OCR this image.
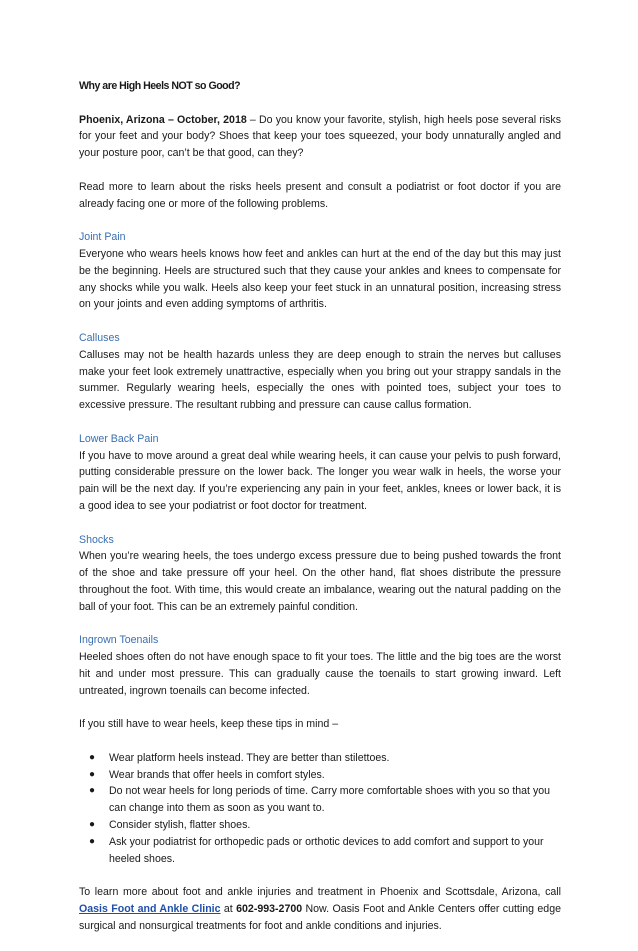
Why are High Heels NOT so Good?

Phoenix, Arizona – October, 2018 – Do you know your favorite, stylish, high heels pose several risks for your feet and your body? Shoes that keep your toes squeezed, your body unnaturally angled and your posture poor, can’t be that good, can they?

Read more to learn about the risks heels present and consult a podiatrist or foot doctor if you are already facing one or more of the following problems.

Joint Pain

Everyone who wears heels knows how feet and ankles can hurt at the end of the day but this may just be the beginning. Heels are structured such that they cause your ankles and knees to compensate for any shocks while you walk. Heels also keep your feet stuck in an unnatural position, increasing stress on your joints and even adding symptoms of arthritis.

Calluses

Calluses may not be health hazards unless they are deep enough to strain the nerves but calluses make your feet look extremely unattractive, especially when you bring out your strappy sandals in the summer. Regularly wearing heels, especially the ones with pointed toes, subject your toes to excessive pressure. The resultant rubbing and pressure can cause callus formation.

Lower Back Pain

If you have to move around a great deal while wearing heels, it can cause your pelvis to push forward, putting considerable pressure on the lower back. The longer you wear walk in heels, the worse your pain will be the next day. If you’re experiencing any pain in your feet, ankles, knees or lower back, it is a good idea to see your podiatrist or foot doctor for treatment.

Shocks

When you’re wearing heels, the toes undergo excess pressure due to being pushed towards the front of the shoe and take pressure off your heel. On the other hand, flat shoes distribute the pressure throughout the foot. With time, this would create an imbalance, wearing out the natural padding on the ball of your foot. This can be an extremely painful condition.

Ingrown Toenails

Heeled shoes often do not have enough space to fit your toes. The little and the big toes are the worst hit and under most pressure. This can gradually cause the toenails to start growing inward. Left untreated, ingrown toenails can become infected.

If you still have to wear heels, keep these tips in mind –

● Wear platform heels instead. They are better than stilettoes.
● Wear brands that offer heels in comfort styles.
● Do not wear heels for long periods of time. Carry more comfortable shoes with you so that you can change into them as soon as you want to.
● Consider stylish, flatter shoes.
● Ask your podiatrist for orthopedic pads or orthotic devices to add comfort and support to your heeled shoes.

To learn more about foot and ankle injuries and treatment in Phoenix and Scottsdale, Arizona, call Oasis Foot and Ankle Clinic at 602-993-2700 Now. Oasis Foot and Ankle Centers offer cutting edge surgical and nonsurgical treatments for foot and ankle conditions and injuries.
